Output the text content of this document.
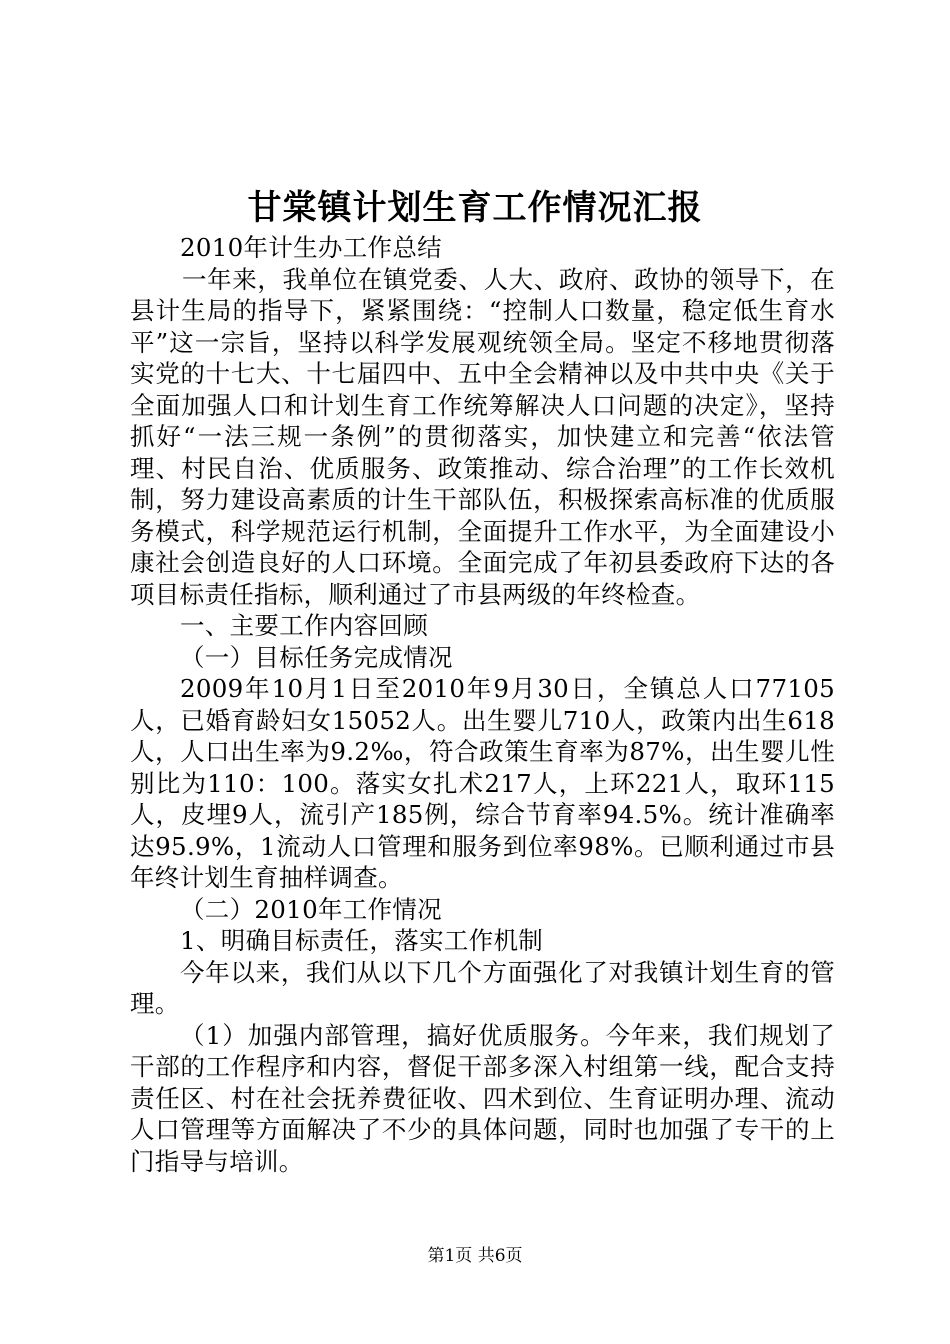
甘棠镇计划生育工作情况汇报

2010年计生办工作总结

一年来，我单位在镇党委、人大、政府、政协的领导下，在县计生局的指导下，紧紧围绕：“控制人口数量，稳定低生育水平”这一宗旨，坚持以科学发展观统领全局。坚定不移地贯彻落实党的十七大、十七届四中、五中全会精神以及中共中央《关于全面加强人口和计划生育工作统筹解决人口问题的决定》，坚持抓好“一法三规一条例”的贯彻落实，加快建立和完善“依法管理、村民自治、优质服务、政策推动、综合治理”的工作长效机制，努力建设高素质的计生干部队伍，积极探索高标准的优质服务模式，科学规范运行机制，全面提升工作水平，为全面建设小康社会创造良好的人口环境。全面完成了年初县委政府下达的各项目标责任指标，顺利通过了市县两级的年终检查。

一、主要工作内容回顾

（一）目标任务完成情况

2009年10月1日至2010年9月30日，全镇总人口77105人，已婚育龄妇女15052人。出生婴儿710人，政策内出生618人，人口出生率为9.2‰，符合政策生育率为87%，出生婴儿性别比为110：100。落实女扎术217人，上环221人，取环115人，皮埋9人，流引产185例，综合节育率94.5%。统计准确率达95.9%，1流动人口管理和服务到位率98%。已顺利通过市县年终计划生育抽样调查。

（二）2010年工作情况

1、明确目标责任，落实工作机制

今年以来，我们从以下几个方面强化了对我镇计划生育的管理。

（1）加强内部管理，搞好优质服务。今年来，我们规划了干部的工作程序和内容，督促干部多深入村组第一线，配合支持责任区、村在社会抚养费征收、四术到位、生育证明办理、流动人口管理等方面解决了不少的具体问题，同时也加强了专干的上门指导与培训。

第1页 共6页
